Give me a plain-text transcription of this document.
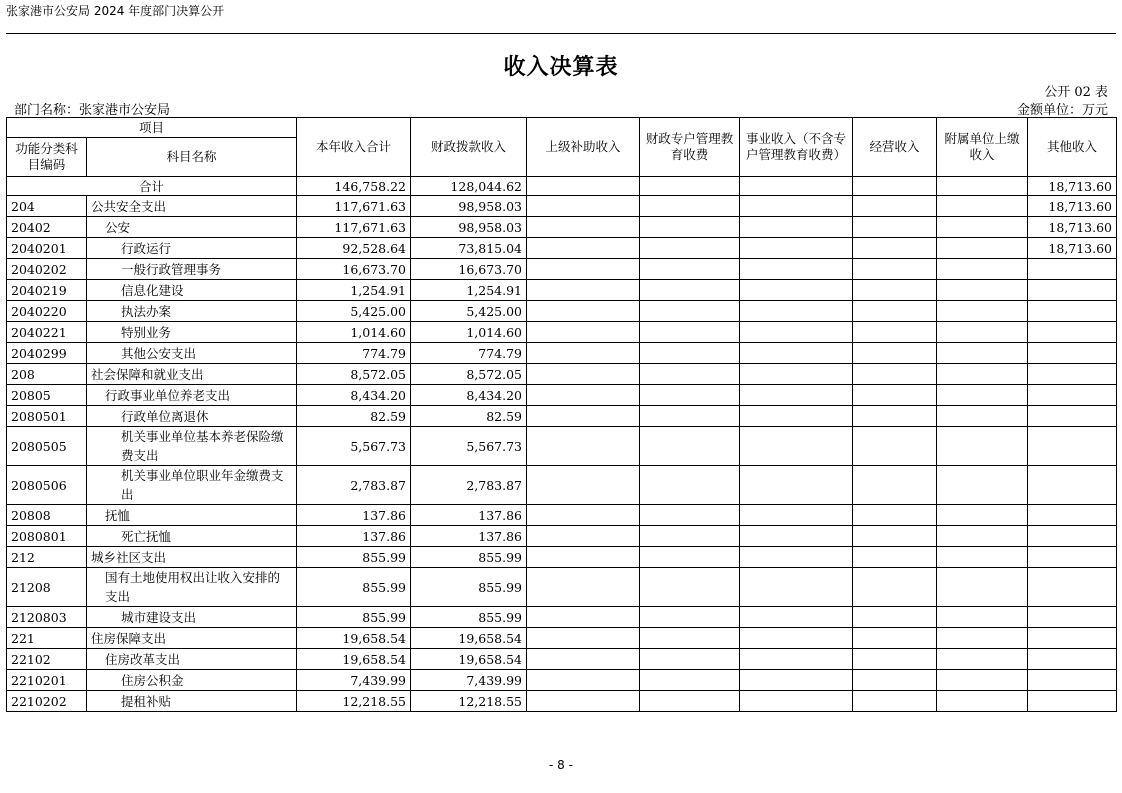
张家港市公安局 2024 年度部门决算公开
收入决算表
公开 02 表
部门名称：张家港市公安局	金额单位：万元
项目		本年收入合计	财政拨款收入	上级补助收入	财政专户管理教育收费	事业收入（不含专户管理教育收费）	经营收入	附属单位上缴收入	其他收入
功能分类科目编码	科目名称								
合计		146,758.22	128,044.62						18,713.60
204	公共安全支出	117,671.63	98,958.03						18,713.60
20402	公安	117,671.63	98,958.03						18,713.60
2040201	行政运行	92,528.64	73,815.04						18,713.60
2040202	一般行政管理事务	16,673.70	16,673.70						
2040219	信息化建设	1,254.91	1,254.91						
2040220	执法办案	5,425.00	5,425.00						
2040221	特别业务	1,014.60	1,014.60						
2040299	其他公安支出	774.79	774.79						
208	社会保障和就业支出	8,572.05	8,572.05						
20805	行政事业单位养老支出	8,434.20	8,434.20						
2080501	行政单位离退休	82.59	82.59						
2080505	机关事业单位基本养老保险缴费支出	5,567.73	5,567.73						
2080506	机关事业单位职业年金缴费支出	2,783.87	2,783.87						
20808	抚恤	137.86	137.86						
2080801	死亡抚恤	137.86	137.86						
212	城乡社区支出	855.99	855.99						
21208	国有土地使用权出让收入安排的支出	855.99	855.99						
2120803	城市建设支出	855.99	855.99						
221	住房保障支出	19,658.54	19,658.54						
22102	住房改革支出	19,658.54	19,658.54						
2210201	住房公积金	7,439.99	7,439.99						
2210202	提租补贴	12,218.55	12,218.55						
- 8 -
